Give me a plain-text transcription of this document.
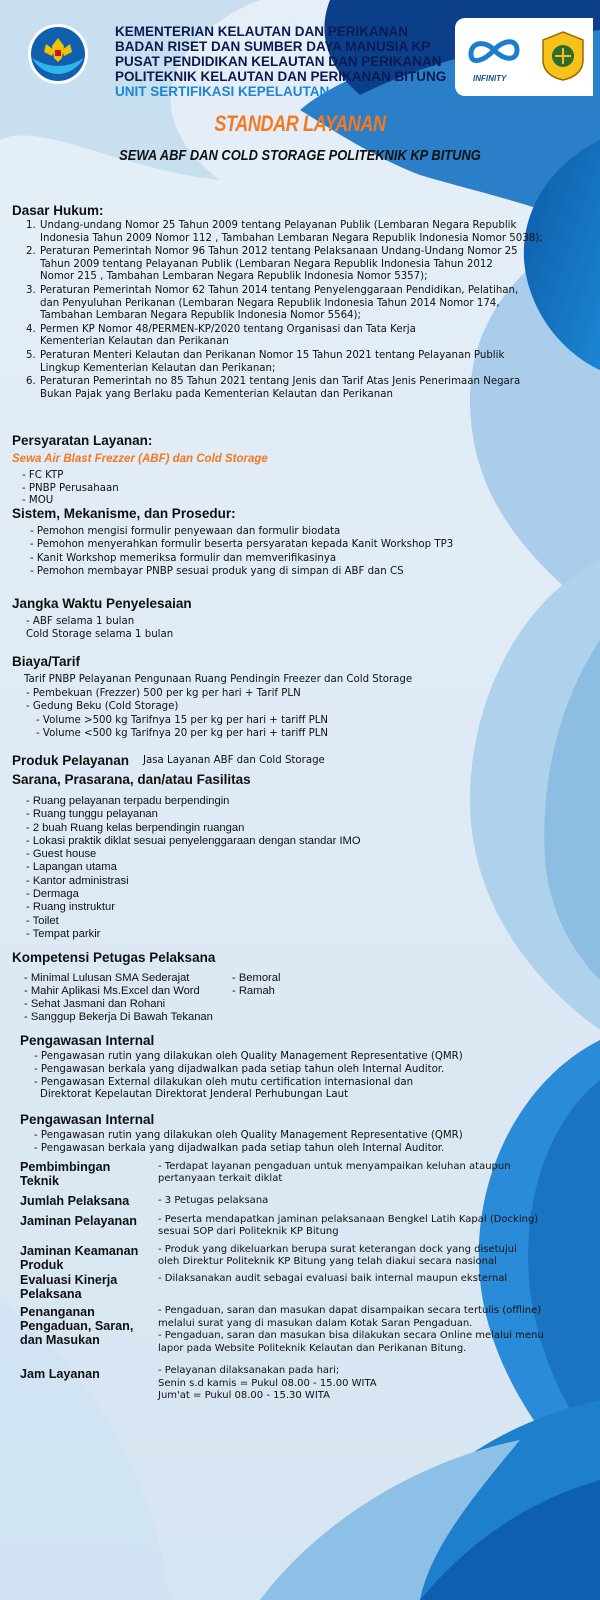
KEMENTERIAN KELAUTAN DAN PERIKANAN
BADAN RISET DAN SUMBER DAYA MANUSIA KP
PUSAT PENDIDIKAN KELAUTAN DAN PERIKANAN
POLITEKNIK KELAUTAN DAN PERIKANAN BITUNG
UNIT SERTIFIKASI KEPELAUTAN
INFINITY
STANDAR LAYANAN
SEWA ABF DAN COLD STORAGE POLITEKNIK KP BITUNG
Dasar Hukum:
1. Undang-undang Nomor 25 Tahun 2009 tentang Pelayanan Publik (Lembaran Negara Republik
Indonesia Tahun 2009 Nomor 112 , Tambahan Lembaran Negara Republik Indonesia Nomor 5038);
2. Peraturan Pemerintah Nomor 96 Tahun 2012 tentang Pelaksanaan Undang-Undang Nomor 25
Tahun 2009 tentang Pelayanan Publik (Lembaran Negara Republik Indonesia Tahun 2012
Nomor 215 , Tambahan Lembaran Negara Republik Indonesia Nomor 5357);
3. Peraturan Pemerintah Nomor 62 Tahun 2014 tentang Penyelenggaraan Pendidikan, Pelatihan,
dan Penyuluhan Perikanan (Lembaran Negara Republik Indonesia Tahun 2014 Nomor 174,
Tambahan Lembaran Negara Republik Indonesia Nomor 5564);
4. Permen KP Nomor 48/PERMEN-KP/2020 tentang Organisasi dan Tata Kerja
Kementerian Kelautan dan Perikanan
5. Peraturan Menteri Kelautan dan Perikanan Nomor 15 Tahun 2021 tentang Pelayanan Publik
Lingkup Kementerian Kelautan dan Perikanan;
6. Peraturan Pemerintah no 85 Tahun 2021 tentang Jenis dan Tarif Atas Jenis Penerimaan Negara
Bukan Pajak yang Berlaku pada Kementerian Kelautan dan Perikanan
Persyaratan Layanan:
Sewa Air Blast Frezzer (ABF) dan Cold Storage
- FC KTP
- PNBP Perusahaan
- MOU
Sistem, Mekanisme, dan Prosedur:
- Pemohon mengisi formulir penyewaan dan formulir biodata
- Pemohon menyerahkan formulir beserta persyaratan kepada Kanit Workshop TP3
- Kanit Workshop memeriksa formulir dan memverifikasinya
- Pemohon membayar PNBP sesuai produk yang di simpan di ABF dan CS
Jangka Waktu Penyelesaian
- ABF selama 1 bulan
Cold Storage selama 1 bulan
Biaya/Tarif
Tarif PNBP Pelayanan Pengunaan Ruang Pendingin Freezer dan Cold Storage
- Pembekuan (Frezzer) 500 per kg per hari + Tarif PLN
- Gedung Beku (Cold Storage)
- Volume >500 kg Tarifnya 15 per kg per hari + tariff PLN
- Volume <500 kg Tarifnya 20 per kg per hari + tariff PLN
Produk Pelayanan Jasa Layanan ABF dan Cold Storage
Sarana, Prasarana, dan/atau Fasilitas
- Ruang pelayanan terpadu berpendingin
- Ruang tunggu pelayanan
- 2 buah Ruang kelas berpendingin ruangan
- Lokasi praktik diklat sesuai penyelenggaraan dengan standar IMO
- Guest house
- Lapangan utama
- Kantor administrasi
- Dermaga
- Ruang instruktur
- Toilet
- Tempat parkir
Kompetensi Petugas Pelaksana
- Minimal Lulusan SMA Sederajat
- Mahir Aplikasi Ms.Excel dan Word
- Sehat Jasmani dan Rohani
- Sanggup Bekerja Di Bawah Tekanan
- Bemoral
- Ramah
Pengawasan Internal
- Pengawasan rutin yang dilakukan oleh Quality Management Representative (QMR)
- Pengawasan berkala yang dijadwalkan pada setiap tahun oleh Internal Auditor.
- Pengawasan External dilakukan oleh mutu certification internasional dan
Direktorat Kepelautan Direktorat Jenderal Perhubungan Laut
Pengawasan Internal
- Pengawasan rutin yang dilakukan oleh Quality Management Representative (QMR)
- Pengawasan berkala yang dijadwalkan pada setiap tahun oleh Internal Auditor.
Pembimbingan
Teknik
- Terdapat layanan pengaduan untuk menyampaikan keluhan ataupun
pertanyaan terkait diklat
Jumlah Pelaksana	- 3 Petugas pelaksana
Jaminan Pelayanan - Peserta mendapatkan jaminan pelaksanaan Bengkel Latih Kapal (Docking)
sesuai SOP dari Politeknik KP Bitung
Jaminan Keamanan
Produk
- Produk yang dikeluarkan berupa surat keterangan dock yang disetujui
oleh Direktur Politeknik KP Bitung yang telah diakui secara nasional
Evaluasi Kinerja
Pelaksana
- Dilaksanakan audit sebagai evaluasi baik internal maupun eksternal
Penanganan
Pengaduan, Saran,
dan Masukan
- Pengaduan, saran dan masukan dapat disampaikan secara tertulis (offline)
melalui surat yang di masukan dalam Kotak Saran Pengaduan.
- Pengaduan, saran dan masukan bisa dilakukan secara Online melalui menu
lapor pada Website Politeknik Kelautan dan Perikanan Bitung.
Jam Layanan	- Pelayanan dilaksanakan pada hari;
Senin s.d kamis = Pukul 08.00 - 15.00 WITA
Jum'at = Pukul 08.00 - 15.30 WITA
